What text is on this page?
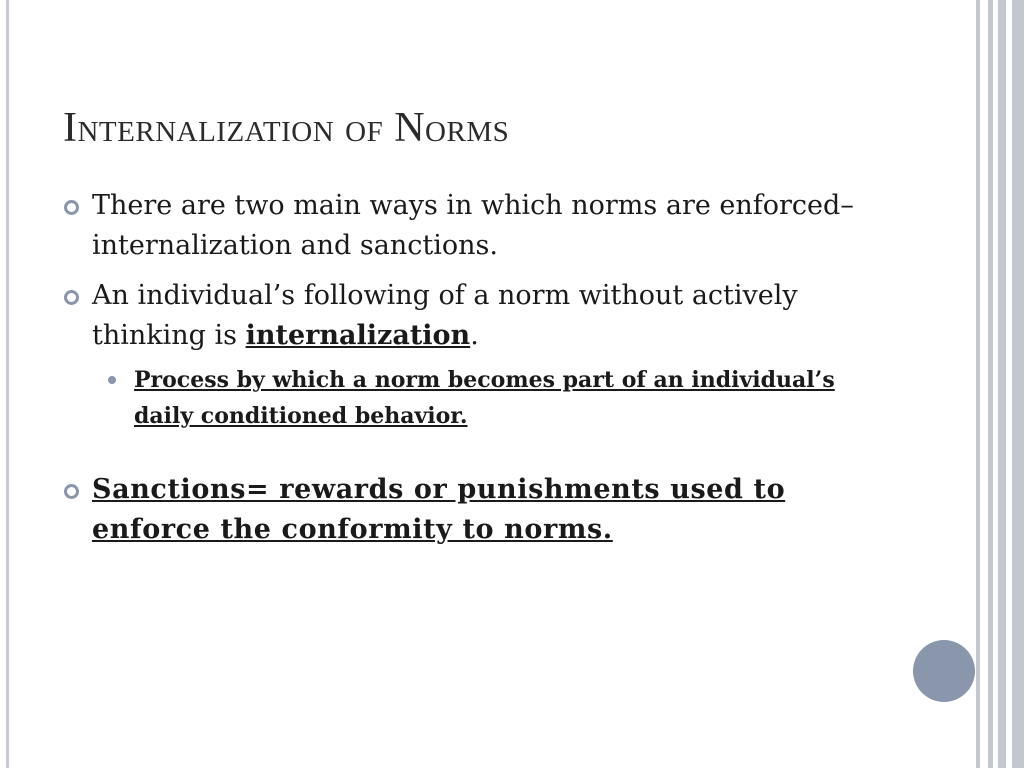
Internalization of Norms
There are two main ways in which norms are enforced– internalization and sanctions.
An individual’s following of a norm without actively thinking is internalization.
Process by which a norm becomes part of an individual’s daily conditioned behavior.
Sanctions= rewards or punishments used to enforce the conformity to norms.
